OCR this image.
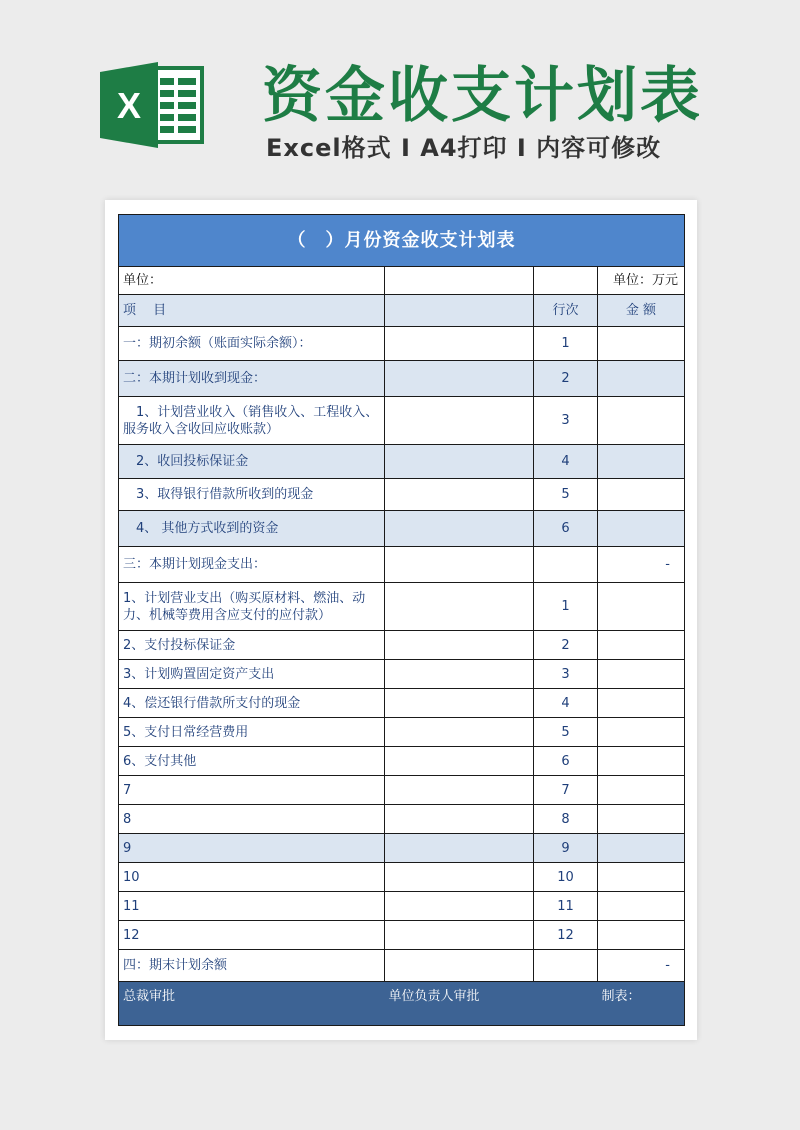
X 资金收支计划表
Excel格式 Ⅰ A4打印 Ⅰ 内容可修改
（　）月份资金收支计划表			
单位：			单位：万元
项　 目		行次	金 额
一：期初余额（账面实际余额）：		1	
二：本期计划收到现金：		2	
　1、计划营业收入（销售收入、工程收入、服务收入含收回应收账款）		3	
　2、收回投标保证金		4	
　3、取得银行借款所收到的现金		5	
　4、 其他方式收到的资金		6	
三：本期计划现金支出：			-
1、计划营业支出（购买原材料、燃油、动力、机械等费用含应支付的应付款）		1	
2、支付投标保证金		2	
3、计划购置固定资产支出		3	
4、偿还银行借款所支付的现金		4	
5、支付日常经营费用		5	
6、支付其他		6	
7		7	
8		8	
9		9	
10		10	
11		11	
12		12	
四：期末计划余额			-
总裁审批	单位负责人审批		制表：
